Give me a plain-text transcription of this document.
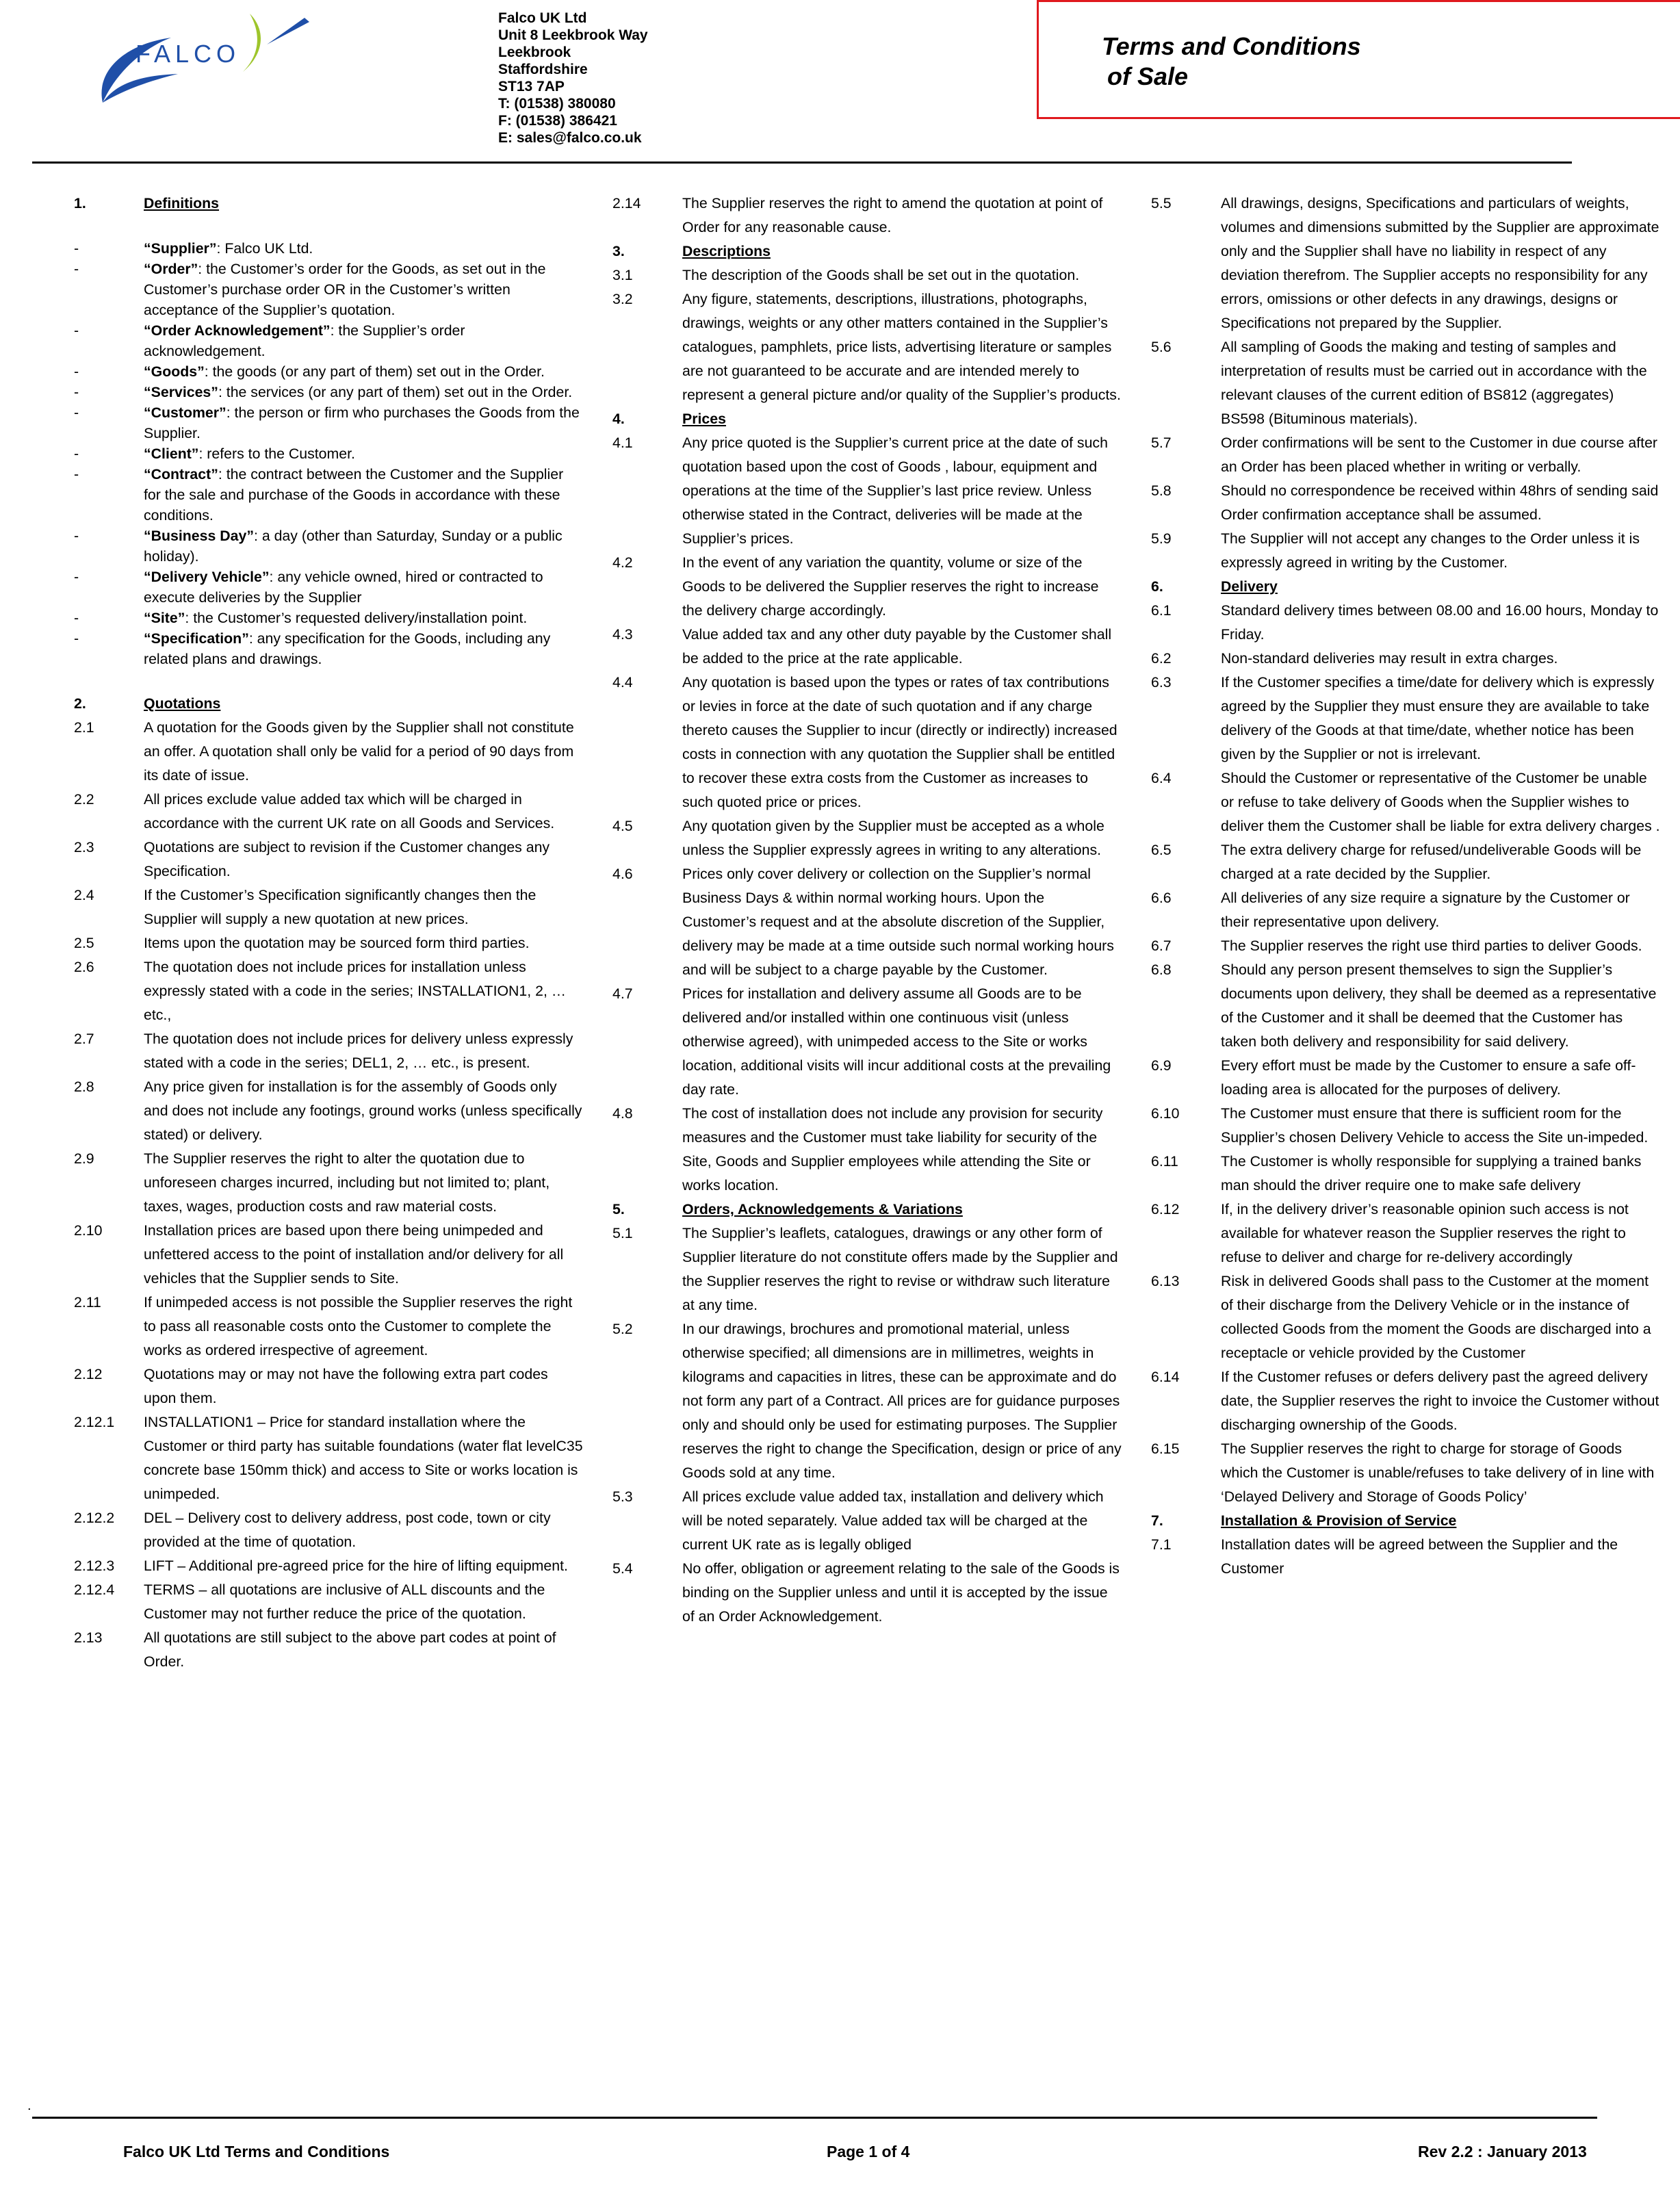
FALCO
Falco UK Ltd
Unit 8 Leekbrook Way
Leekbrook
Staffordshire
ST13 7AP
T: (01538) 380080
F: (01538) 386421
E: sales@falco.co.uk
Terms and Conditions
of Sale
1.	Definitions
-	“Supplier”: Falco UK Ltd.
-	“Order”: the Customer’s order for the Goods, as set out in the Customer’s purchase order OR in the Customer’s written acceptance of the Supplier’s quotation.
-	“Order Acknowledgement”: the Supplier’s order acknowledgement.
-	“Goods”: the goods (or any part of them) set out in the Order.
-	“Services”: the services (or any part of them) set out in the Order.
-	“Customer”: the person or firm who purchases the Goods from the Supplier.
-	“Client”: refers to the Customer.
-	“Contract”: the contract between the Customer and the Supplier for the sale and purchase of the Goods in accordance with these conditions.
-	“Business Day”: a day (other than Saturday, Sunday or a public holiday).
-	“Delivery Vehicle”: any vehicle owned, hired or contracted to execute deliveries by the Supplier
-	“Site”: the Customer’s requested delivery/installation point.
-	“Specification”: any specification for the Goods, including any related plans and drawings.
2.	Quotations
2.1	A quotation for the Goods given by the Supplier shall not constitute an offer. A quotation shall only be valid for a period of 90 days from its date of issue.
2.2	All prices exclude value added tax which will be charged in accordance with the current UK rate on all Goods and Services.
2.3	Quotations are subject to revision if the Customer changes any Specification.
2.4	If the Customer’s Specification significantly changes then the Supplier will supply a new quotation at new prices.
2.5	Items upon the quotation may be sourced form third parties.
2.6	The quotation does not include prices for installation unless expressly stated with a code in the series; INSTALLATION1, 2, … etc.,
2.7	The quotation does not include prices for delivery unless expressly stated with a code in the series; DEL1, 2, … etc., is present.
2.8	Any price given for installation is for the assembly of Goods only and does not include any footings, ground works (unless specifically stated) or delivery.
2.9	The Supplier reserves the right to alter the quotation due to unforeseen charges incurred, including but not limited to; plant, taxes, wages, production costs and raw material costs.
2.10	Installation prices are based upon there being unimpeded and unfettered access to the point of installation and/or delivery for all vehicles that the Supplier sends to Site.
2.11	If unimpeded access is not possible the Supplier reserves the right to pass all reasonable costs onto the Customer to complete the works as ordered irrespective of agreement.
2.12	Quotations may or may not have the following extra part codes upon them.
2.12.1	INSTALLATION1 – Price for standard installation where the Customer or third party has suitable foundations (water flat levelC35 concrete base 150mm thick) and access to Site or works location is unimpeded.
2.12.2	DEL – Delivery cost to delivery address, post code, town or city provided at the time of quotation.
2.12.3	LIFT – Additional pre-agreed price for the hire of lifting equipment.
2.12.4	TERMS – all quotations are inclusive of ALL discounts and the Customer may not further reduce the price of the quotation.
2.13	All quotations are still subject to the above part codes at point of Order.
2.14	The Supplier reserves the right to amend the quotation at point of Order for any reasonable cause.
3.	Descriptions
3.1	The description of the Goods shall be set out in the quotation.
3.2	Any figure, statements, descriptions, illustrations, photographs, drawings, weights or any other matters contained in the Supplier’s catalogues, pamphlets, price lists, advertising literature or samples are not guaranteed to be accurate and are intended merely to represent a general picture and/or quality of the Supplier’s products.
4.	Prices
4.1	Any price quoted is the Supplier’s current price at the date of such quotation based upon the cost of Goods , labour, equipment and operations at the time of the Supplier’s last price review. Unless otherwise stated in the Contract, deliveries will be made at the Supplier’s prices.
4.2	In the event of any variation the quantity, volume or size of the Goods to be delivered the Supplier reserves the right to increase the delivery charge accordingly.
4.3	Value added tax and any other duty payable by the Customer shall be added to the price at the rate applicable.
4.4	Any quotation is based upon the types or rates of tax contributions or levies in force at the date of such quotation and if any charge thereto causes the Supplier to incur (directly or indirectly) increased costs in connection with any quotation the Supplier shall be entitled to recover these extra costs from the Customer as increases to such quoted price or prices.
4.5	Any quotation given by the Supplier must be accepted as a whole unless the Supplier expressly agrees in writing to any alterations.
4.6	Prices only cover delivery or collection on the Supplier’s normal Business Days & within normal working hours. Upon the Customer’s request and at the absolute discretion of the Supplier, delivery may be made at a time outside such normal working hours and will be subject to a charge payable by the Customer.
4.7	Prices for installation and delivery assume all Goods are to be delivered and/or installed within one continuous visit (unless otherwise agreed), with unimpeded access to the Site or works location, additional visits will incur additional costs at the prevailing day rate.
4.8	The cost of installation does not include any provision for security measures and the Customer must take liability for security of the Site, Goods and Supplier employees while attending the Site or works location.
5.	Orders, Acknowledgements & Variations
5.1	The Supplier’s leaflets, catalogues, drawings or any other form of Supplier literature do not constitute offers made by the Supplier and the Supplier reserves the right to revise or withdraw such literature at any time.
5.2	In our drawings, brochures and promotional material, unless otherwise specified; all dimensions are in millimetres, weights in kilograms and capacities in litres, these can be approximate and do not form any part of a Contract. All prices are for guidance purposes only and should only be used for estimating purposes. The Supplier reserves the right to change the Specification, design or price of any Goods sold at any time.
5.3	All prices exclude value added tax, installation and delivery which will be noted separately. Value added tax will be charged at the current UK rate as is legally obliged
5.4	No offer, obligation or agreement relating to the sale of the Goods is binding on the Supplier unless and until it is accepted by the issue of an Order Acknowledgement.
5.5	All drawings, designs, Specifications and particulars of weights, volumes and dimensions submitted by the Supplier are approximate only and the Supplier shall have no liability in respect of any deviation therefrom. The Supplier accepts no responsibility for any errors, omissions or other defects in any drawings, designs or Specifications not prepared by the Supplier.
5.6	All sampling of Goods the making and testing of samples and interpretation of results must be carried out in accordance with the relevant clauses of the current edition of BS812 (aggregates) BS598 (Bituminous materials).
5.7	Order confirmations will be sent to the Customer in due course after an Order has been placed whether in writing or verbally.
5.8	Should no correspondence be received within 48hrs of sending said Order confirmation acceptance shall be assumed.
5.9	The Supplier will not accept any changes to the Order unless it is expressly agreed in writing by the Customer.
6.	Delivery
6.1	Standard delivery times between 08.00 and 16.00 hours, Monday to Friday.
6.2	Non-standard deliveries may result in extra charges.
6.3	If the Customer specifies a time/date for delivery which is expressly agreed by the Supplier they must ensure they are available to take delivery of the Goods at that time/date, whether notice has been given by the Supplier or not is irrelevant.
6.4	Should the Customer or representative of the Customer be unable or refuse to take delivery of Goods when the Supplier wishes to deliver them the Customer shall be liable for extra delivery charges .
6.5	The extra delivery charge for refused/undeliverable Goods will be charged at a rate decided by the Supplier.
6.6	All deliveries of any size require a signature by the Customer or their representative upon delivery.
6.7	The Supplier reserves the right use third parties to deliver Goods.
6.8	Should any person present themselves to sign the Supplier’s documents upon delivery, they shall be deemed as a representative of the Customer and it shall be deemed that the Customer has taken both delivery and responsibility for said delivery.
6.9	Every effort must be made by the Customer to ensure a safe off-loading area is allocated for the purposes of delivery.
6.10	The Customer must ensure that there is sufficient room for the Supplier’s chosen Delivery Vehicle to access the Site un-impeded.
6.11	The Customer is wholly responsible for supplying a trained banks man should the driver require one to make safe delivery
6.12	If, in the delivery driver’s reasonable opinion such access is not available for whatever reason the Supplier reserves the right to refuse to deliver and charge for re-delivery accordingly
6.13	Risk in delivered Goods shall pass to the Customer at the moment of their discharge from the Delivery Vehicle or in the instance of collected Goods from the moment the Goods are discharged into a receptacle or vehicle provided by the Customer
6.14	If the Customer refuses or defers delivery past the agreed delivery date, the Supplier reserves the right to invoice the Customer without discharging ownership of the Goods.
6.15	The Supplier reserves the right to charge for storage of Goods which the Customer is unable/refuses to take delivery of in line with ‘Delayed Delivery and Storage of Goods Policy’
7.	Installation & Provision of Service
7.1	Installation dates will be agreed between the Supplier and the Customer
.
Falco UK Ltd Terms and Conditions	Page 1 of 4	Rev 2.2 : January 2013
